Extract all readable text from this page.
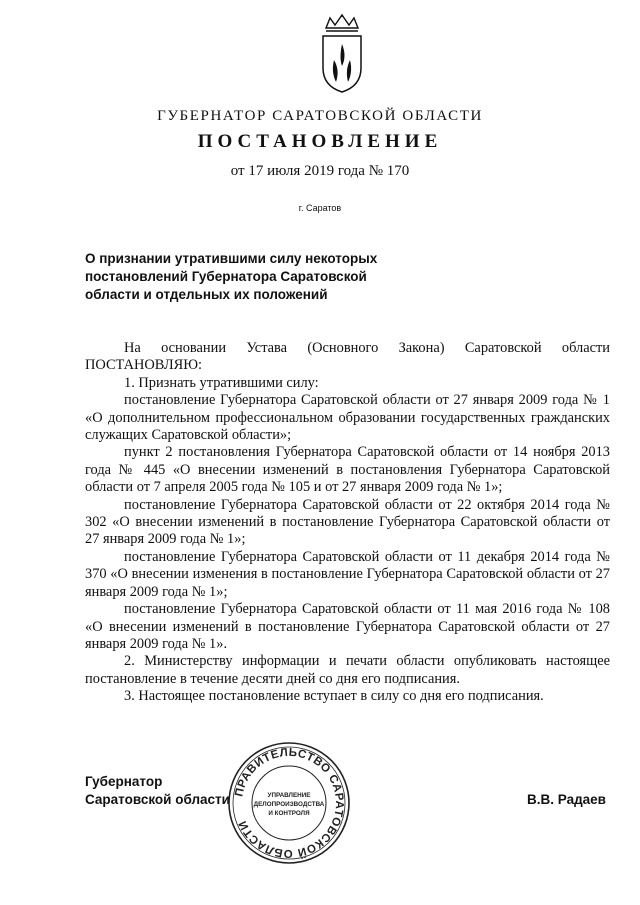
ГУБЕРНАТОР САРАТОВСКОЙ ОБЛАСТИ
ПОСТАНОВЛЕНИЕ
от 17 июля 2019 года № 170
г. Саратов
О признании утратившими силу некоторых
постановлений Губернатора Саратовской
области и отдельных их положений
На основании Устава (Основного Закона) Саратовской области
ПОСТАНОВЛЯЮ:
1. Признать утратившими силу:
постановление Губернатора Саратовской области от 27 января 2009 года № 1 «О дополнительном профессиональном образовании государственных гражданских служащих Саратовской области»;
пункт 2 постановления Губернатора Саратовской области от 14 ноября 2013 года № 445 «О внесении изменений в постановления Губернатора Саратовской области от 7 апреля 2005 года № 105 и от 27 января 2009 года № 1»;
постановление Губернатора Саратовской области от 22 октября 2014 года № 302 «О внесении изменений в постановление Губернатора Саратовской области от 27 января 2009 года № 1»;
постановление Губернатора Саратовской области от 11 декабря 2014 года № 370 «О внесении изменения в постановление Губернатора Саратовской области от 27 января 2009 года № 1»;
постановление Губернатора Саратовской области от 11 мая 2016 года № 108 «О внесении изменений в постановление Губернатора Саратовской области от 27 января 2009 года № 1».
2. Министерству информации и печати области опубликовать настоящее постановление в течение десяти дней со дня его подписания.
3. Настоящее постановление вступает в силу со дня его подписания.
Губернатор
Саратовской области	В.В. Радаев
ПРАВИТЕЛЬСТВО САРАТОВСКОЙ ОБЛАСТИ
УПРАВЛЕНИЕ
ДЕЛОПРОИЗВОДСТВА
И КОНТРОЛЯ
